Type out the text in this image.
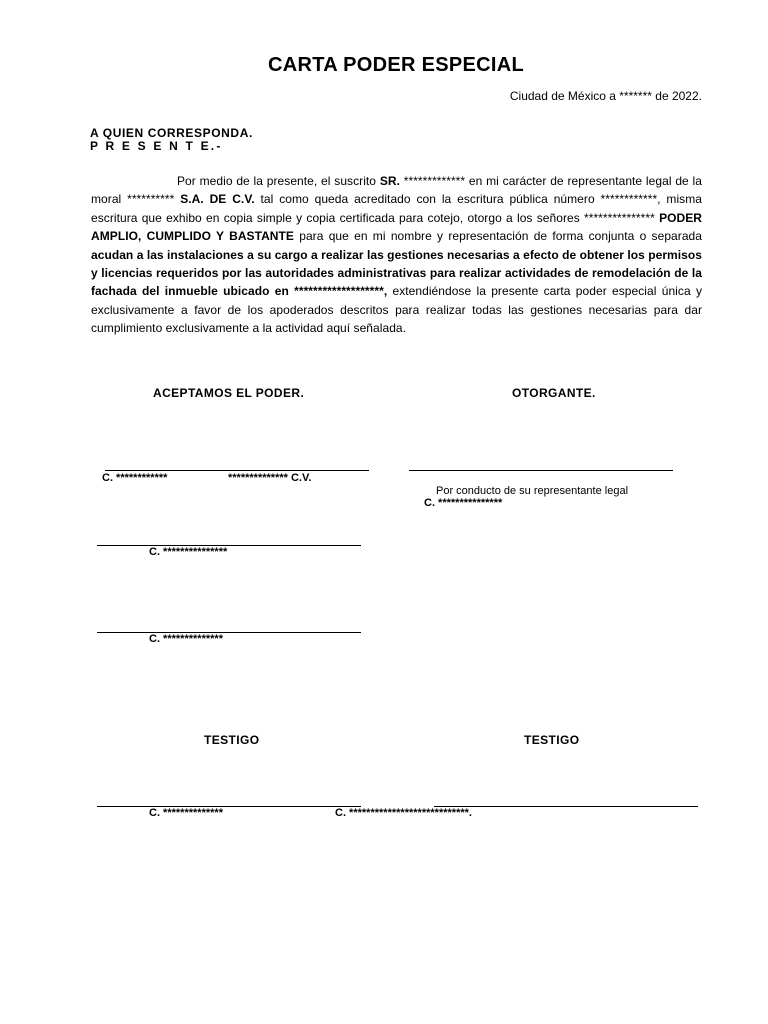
CARTA PODER ESPECIAL
Ciudad de México a ******* de 2022.
A QUIEN CORRESPONDA.
P R E S E N T E.-
Por medio de la presente, el suscrito SR. ************* en mi carácter de representante legal de la moral ********** S.A. DE C.V. tal como queda acreditado con la escritura pública número ************, misma escritura que exhibo en copia simple y copia certificada para cotejo, otorgo a los señores *************** PODER AMPLIO, CUMPLIDO Y BASTANTE para que en mi nombre y representación de forma conjunta o separada acudan a las instalaciones a su cargo a realizar las gestiones necesarias a efecto de obtener los permisos y licencias requeridos por las autoridades administrativas para realizar actividades de remodelación de la fachada del inmueble ubicado en *******************, extendiéndose la presente carta poder especial única y exclusivamente a favor de los apoderados descritos para realizar todas las gestiones necesarias para dar cumplimiento exclusivamente a la actividad aquí señalada.
ACEPTAMOS EL PODER.	OTORGANTE.
C. ************	************** C.V.
Por conducto de su representante legal
C. ***************
C. ***************
C. **************
TESTIGO	TESTIGO
C. **************	C. ****************************.
